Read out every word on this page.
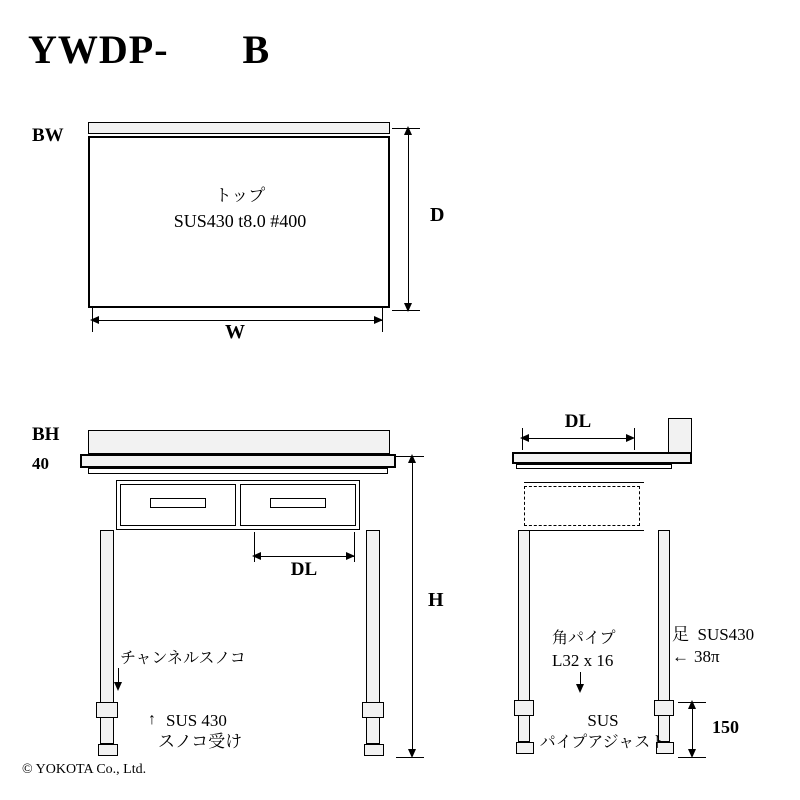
YWDP- B
BW
トップ
SUS430 t8.0 #400	D
W
BH
40
DL
チャンネルスノコ
↑ SUS 430
スノコ受け
H
DL
角パイプ
L32 x 16
足  SUS430
← 38π
SUS
パイプアジャスト
150
© YOKOTA Co., Ltd.
